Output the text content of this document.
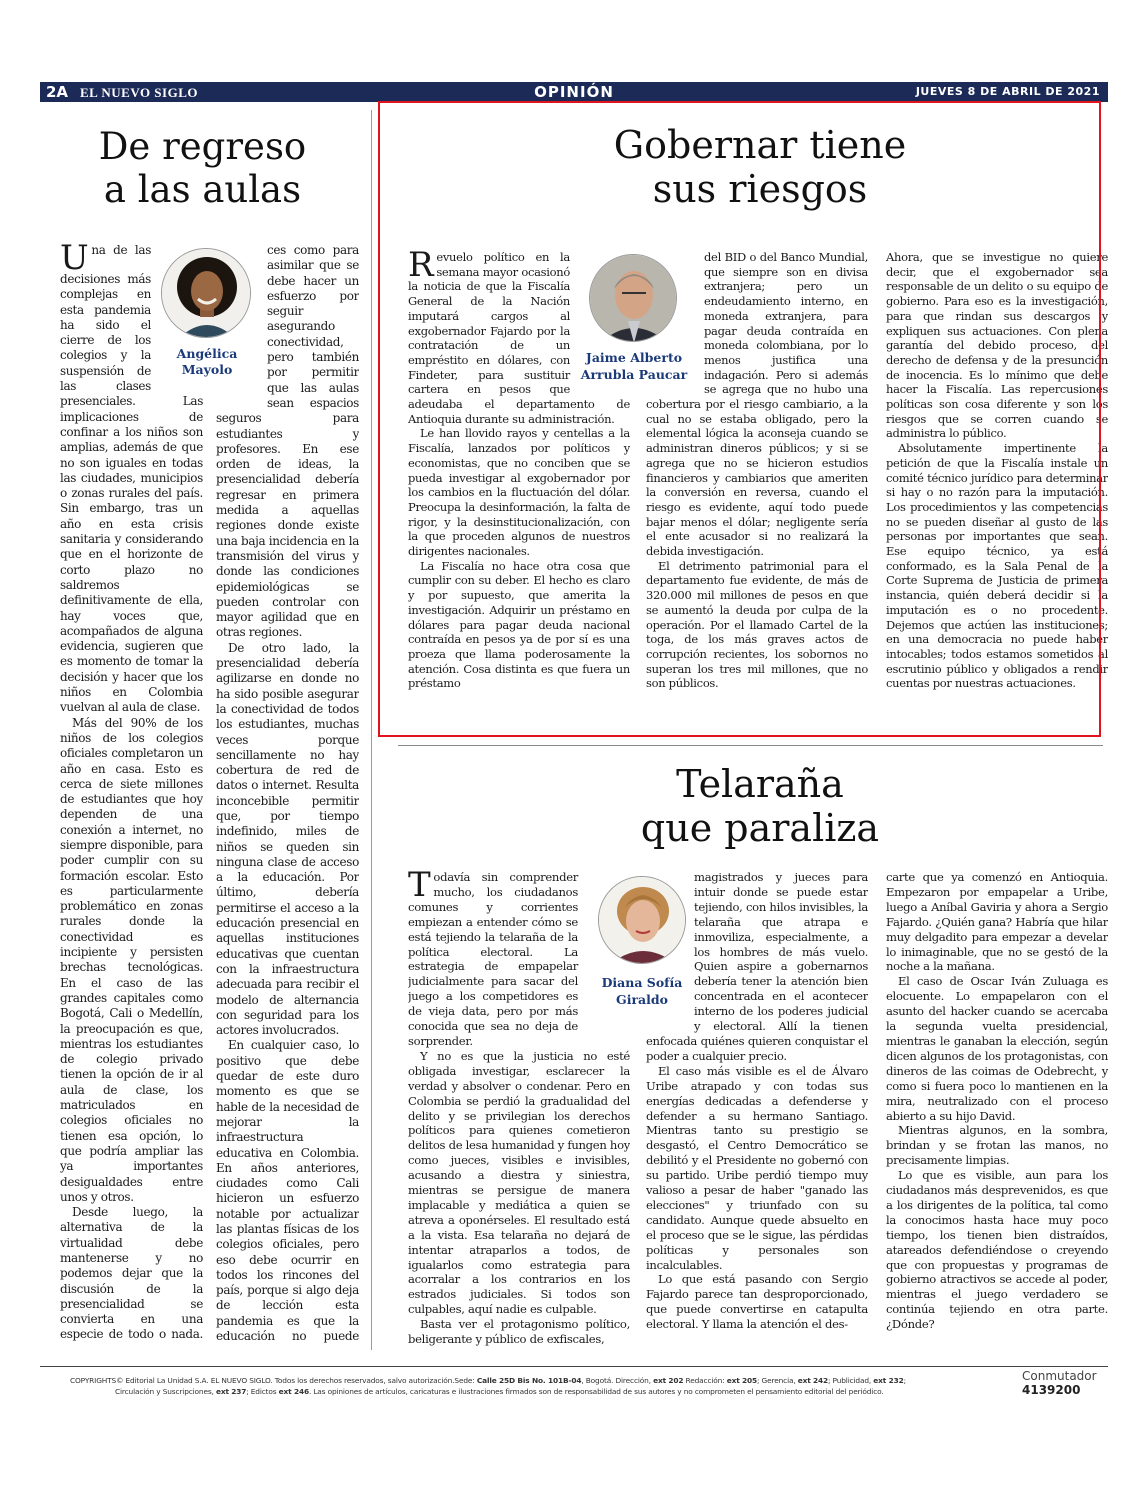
2A EL NUEVO SIGLO	OPINIÓN	JUEVES 8 DE ABRIL DE 2021
De regreso
a las aulas
Angélica
Mayolo

Una de las decisiones más complejas en esta pandemia ha sido el cierre de los colegios y la suspensión de las clases presenciales. Las implicaciones de confinar a los niños son amplias, además de que no son iguales en todas las ciudades, municipios o zonas rurales del país. Sin embargo, tras un año en esta crisis sanitaria y considerando que en el horizonte de corto plazo no saldremos definitivamente de ella, hay voces que, acompañados de alguna evidencia, sugieren que es momento de tomar la decisión y hacer que los niños en Colombia vuelvan al aula de clase.

Más del 90% de los niños de los colegios oficiales completaron un año en casa. Esto es cerca de siete millones de estudiantes que hoy dependen de una conexión a internet, no siempre disponible, para poder cumplir con su formación escolar. Esto es particularmente problemático en zonas rurales donde la conectividad es incipiente y persisten brechas tecnológicas. En el caso de las grandes capitales como Bogotá, Cali o Medellín, la preocupación es que, mientras los estudiantes de colegio privado tienen la opción de ir al aula de clase, los matriculados en colegios oficiales no tienen esa opción, lo que podría ampliar las ya importantes desigualdades entre unos y otros.

Desde luego, la alternativa de la virtualidad debe mantenerse y no podemos dejar que la discusión de la presencialidad se convierta en una especie de todo o nada.

ces como para asimilar que se debe hacer un esfuerzo por seguir asegurando conectividad, pero también por permitir que las aulas sean espacios seguros para estudiantes y profesores. En ese orden de ideas, la presencialidad debería regresar en primera medida a aquellas regiones donde existe una baja incidencia en la transmisión del virus y donde las condiciones epidemiológicas se pueden controlar con mayor agilidad que en otras regiones.

De otro lado, la presencialidad debería agilizarse en donde no ha sido posible asegurar la conectividad de todos los estudiantes, muchas veces porque sencillamente no hay cobertura de red de datos o internet. Resulta inconcebible permitir que, por tiempo indefinido, miles de niños se queden sin ninguna clase de acceso a la educación. Por último, debería permitirse el acceso a la educación presencial en aquellas instituciones educativas que cuentan con la infraestructura adecuada para recibir el modelo de alternancia con seguridad para los actores involucrados.

En cualquier caso, lo positivo que debe quedar de este duro momento es que se hable de la necesidad de mejorar la infraestructura educativa en Colombia. En años anteriores, ciudades como Cali hicieron un esfuerzo notable por actualizar las plantas físicas de los colegios oficiales, pero eso debe ocurrir en todos los rincones del país, porque si algo deja de lección esta pandemia es que la educación no puede

Gobernar tiene
sus riesgos
Jaime Alberto
Arrubla Paucar

Revuelo político en la semana mayor ocasionó la noticia de que la Fiscalía General de la Nación imputará cargos al exgobernador Fajardo por la contratación de un empréstito en dólares, con Findeter, para sustituir cartera en pesos que adeudaba el departamento de Antioquia durante su administración.

Le han llovido rayos y centellas a la Fiscalía, lanzados por políticos y economistas, que no conciben que se pueda investigar al exgobernador por los cambios en la fluctuación del dólar. Preocupa la desinformación, la falta de rigor, y la desinstitucionalización, con la que proceden algunos de nuestros dirigentes nacionales.

La Fiscalía no hace otra cosa que cumplir con su deber. El hecho es claro y por supuesto, que amerita la investigación. Adquirir un préstamo en dólares para pagar deuda nacional contraída en pesos ya de por sí es una proeza que llama poderosamente la atención. Cosa distinta es que fuera un préstamo

del BID o del Banco Mundial, que siempre son en divisa extranjera; pero un endeudamiento interno, en moneda extranjera, para pagar deuda contraída en moneda colombiana, por lo menos justifica una indagación. Pero si además se agrega que no hubo una cobertura por el riesgo cambiario, a la cual no se estaba obligado, pero la elemental lógica la aconseja cuando se administran dineros públicos; y si se agrega que no se hicieron estudios financieros y cambiarios que ameriten la conversión en reversa, cuando el riesgo es evidente, aquí todo puede bajar menos el dólar; negligente sería el ente acusador si no realizará la debida investigación.

El detrimento patrimonial para el departamento fue evidente, de más de 320.000 mil millones de pesos en que se aumentó la deuda por culpa de la operación. Por el llamado Cartel de la toga, de los más graves actos de corrupción recientes, los sobornos no superan los tres mil millones, que no son públicos.

Ahora, que se investigue no quiere decir, que el exgobernador sea responsable de un delito o su equipo de gobierno. Para eso es la investigación, para que rindan sus descargos y expliquen sus actuaciones. Con plena garantía del debido proceso, del derecho de defensa y de la presunción de inocencia. Es lo mínimo que debe hacer la Fiscalía. Las repercusiones políticas son cosa diferente y son los riesgos que se corren cuando se administra lo público.

Absolutamente impertinente la petición de que la Fiscalía instale un comité técnico jurídico para determinar si hay o no razón para la imputación. Los procedimientos y las competencias no se pueden diseñar al gusto de las personas por importantes que sean. Ese equipo técnico, ya está conformado, es la Sala Penal de la Corte Suprema de Justicia de primera instancia, quién deberá decidir si la imputación es o no procedente. Dejemos que actúen las instituciones; en una democracia no puede haber intocables; todos estamos sometidos al escrutinio público y obligados a rendir cuentas por nuestras actuaciones.

Telaraña
que paraliza
Diana Sofía
Giraldo

Todavía sin comprender mucho, los ciudadanos comunes y corrientes empiezan a entender cómo se está tejiendo la telaraña de la política electoral. La estrategia de empapelar judicialmente para sacar del juego a los competidores es de vieja data, pero por más conocida que sea no deja de sorprender.

Y no es que la justicia no esté obligada investigar, esclarecer la verdad y absolver o condenar. Pero en Colombia se perdió la gradualidad del delito y se privilegian los derechos políticos para quienes cometieron delitos de lesa humanidad y fungen hoy como jueces, visibles e invisibles, acusando a diestra y siniestra, mientras se persigue de manera implacable y mediática a quien se atreva a oponérseles. El resultado está a la vista. Esa telaraña no dejará de intentar atraparlos a todos, de igualarlos como estrategia para acorralar a los contrarios en los estrados judiciales. Si todos son culpables, aquí nadie es culpable.

Basta ver el protagonismo político, beligerante y público de exfiscales,

magistrados y jueces para intuir donde se puede estar tejiendo, con hilos invisibles, la telaraña que atrapa e inmoviliza, especialmente, a los hombres de más vuelo. Quien aspire a gobernarnos debería tener la atención bien concentrada en el acontecer interno de los poderes judicial y electoral. Allí la tienen enfocada quiénes quieren conquistar el poder a cualquier precio.

El caso más visible es el de Álvaro Uribe atrapado y con todas sus energías dedicadas a defenderse y defender a su hermano Santiago. Mientras tanto su prestigio se desgastó, el Centro Democrático se debilitó y el Presidente no gobernó con su partido. Uribe perdió tiempo muy valioso a pesar de haber "ganado las elecciones" y triunfado con su candidato. Aunque quede absuelto en el proceso que se le sigue, las pérdidas políticas y personales son incalculables.

Lo que está pasando con Sergio Fajardo parece tan desproporcionado, que puede convertirse en catapulta electoral. Y llama la atención el des-

carte que ya comenzó en Antioquia. Empezaron por empapelar a Uribe, luego a Aníbal Gaviria y ahora a Sergio Fajardo. ¿Quién gana? Habría que hilar muy delgadito para empezar a develar lo inimaginable, que no se gestó de la noche a la mañana.

El caso de Oscar Iván Zuluaga es elocuente. Lo empapelaron con el asunto del hacker cuando se acercaba la segunda vuelta presidencial, mientras le ganaban la elección, según dicen algunos de los protagonistas, con dineros de las coimas de Odebrecht, y como si fuera poco lo mantienen en la mira, neutralizado con el proceso abierto a su hijo David.

Mientras algunos, en la sombra, brindan y se frotan las manos, no precisamente limpias.

Lo que es visible, aun para los ciudadanos más desprevenidos, es que a los dirigentes de la política, tal como la conocimos hasta hace muy poco tiempo, los tienen bien distraídos, atareados defendiéndose o creyendo que con propuestas y programas de gobierno atractivos se accede al poder, mientras el juego verdadero se continúa tejiendo en otra parte. ¿Dónde?

COPYRIGHTS© Editorial La Unidad S.A. EL NUEVO SIGLO. Todos los derechos reservados, salvo autorización.Sede: Calle 25D Bis No. 101B-04, Bogotá. Dirección, ext 202 Redacción: ext 205; Gerencia, ext 242; Publicidad, ext 232;
Circulación y Suscripciones, ext 237; Edictos ext 246. Las opiniones de artículos, caricaturas e ilustraciones firmados son de responsabilidad de sus autores y no comprometen el pensamiento editorial del periódico.
Conmutador
4139200
